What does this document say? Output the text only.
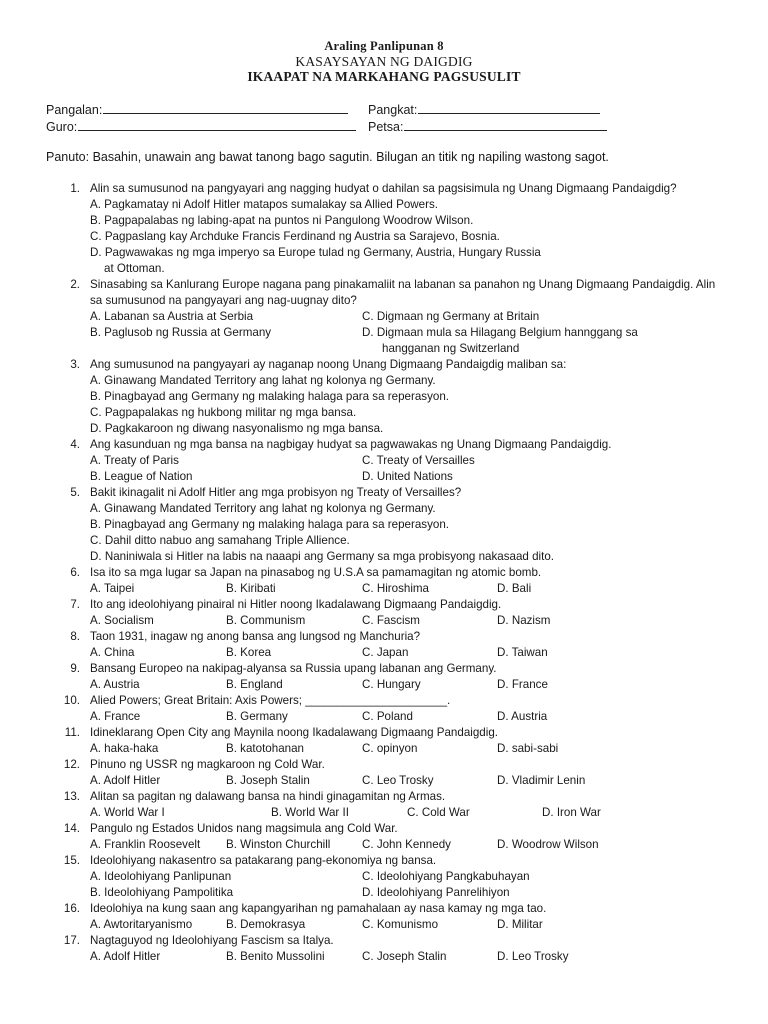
Araling Panlipunan 8
KASAYSAYAN NG DAIGDIG
IKAAPAT NA MARKAHANG PAGSUSULIT
Pangalan:	Pangkat:
Guro:	Petsa:
Panuto: Basahin, unawain ang bawat tanong bago sagutin. Bilugan an titik ng napiling wastong sagot.
1. Alin sa sumusunod na pangyayari ang nagging hudyat o dahilan sa pagsisimula ng Unang Digmaang Pandaigdig?
A. Pagkamatay ni Adolf Hitler matapos sumalakay sa Allied Powers.
B. Pagpapalabas ng labing-apat na puntos ni Pangulong Woodrow Wilson.
C. Pagpaslang kay Archduke Francis Ferdinand ng Austria sa Sarajevo, Bosnia.
D. Pagwawakas ng mga imperyo sa Europe tulad ng Germany, Austria, Hungary Russia
at Ottoman.
2. Sinasabing sa Kanlurang Europe nagana pang pinakamaliit na labanan sa panahon ng Unang Digmaang Pandaigdig. Alin sa sumusunod na pangyayari ang nag-uugnay dito?
A. Labanan sa Austria at Serbia	C. Digmaan ng Germany at Britain
B. Paglusob ng Russia at Germany	D. Digmaan mula sa Hilagang Belgium hannggang sa
hangganan ng Switzerland
3. Ang sumusunod na pangyayari ay naganap noong Unang Digmaang Pandaigdig maliban sa:
A. Ginawang Mandated Territory ang lahat ng kolonya ng Germany.
B. Pinagbayad ang Germany ng malaking halaga para sa reperasyon.
C. Pagpapalakas ng hukbong militar ng mga bansa.
D. Pagkakaroon ng diwang nasyonalismo ng mga bansa.
4. Ang kasunduan ng mga bansa na nagbigay hudyat sa pagwawakas ng Unang Digmaang Pandaigdig.
A. Treaty of Paris	C. Treaty of Versailles
B. League of Nation	D. United Nations
5. Bakit ikinagalit ni Adolf Hitler ang mga probisyon ng Treaty of Versailles?
A. Ginawang Mandated Territory ang lahat ng kolonya ng Germany.
B. Pinagbayad ang Germany ng malaking halaga para sa reperasyon.
C. Dahil ditto nabuo ang samahang Triple Allience.
D. Naniniwala si Hitler na labis na naaapi ang Germany sa mga probisyong nakasaad dito.
6. Isa ito sa mga lugar sa Japan na pinasabog ng U.S.A sa pamamagitan ng atomic bomb.
A. Taipei	B. Kiribati	C. Hiroshima	D. Bali
7. Ito ang ideolohiyang pinairal ni Hitler noong Ikadalawang Digmaang Pandaigdig.
A. Socialism	B. Communism	C. Fascism	D. Nazism
8. Taon 1931, inagaw ng anong bansa ang lungsod ng Manchuria?
A. China	B. Korea	C. Japan	D. Taiwan
9. Bansang Europeo na nakipag-alyansa sa Russia upang labanan ang Germany.
A. Austria	B. England	C. Hungary	D. France
10. Alied Powers; Great Britain: Axis Powers; ______________________.
A. France	B. Germany	C. Poland	D. Austria
11. Idineklarang Open City ang Maynila noong Ikadalawang Digmaang Pandaigdig.
A. haka-haka	B. katotohanan	C. opinyon	D. sabi-sabi
12. Pinuno ng USSR ng magkaroon ng Cold War.
A. Adolf Hitler	B. Joseph Stalin	C. Leo Trosky	D. Vladimir Lenin
13. Alitan sa pagitan ng dalawang bansa na hindi ginagamitan ng Armas.
A. World War I	B. World War II	C. Cold War	D. Iron War
14. Pangulo ng Estados Unidos nang magsimula ang Cold War.
A. Franklin Roosevelt B. Winston Churchill	C. John Kennedy	D. Woodrow Wilson
15. Ideolohiyang nakasentro sa patakarang pang-ekonomiya ng bansa.
A. Ideolohiyang Panlipunan	C. Ideolohiyang Pangkabuhayan
B. Ideolohiyang Pampolitika	D. Ideolohiyang Panrelihiyon
16. Ideolohiya na kung saan ang kapangyarihan ng pamahalaan ay nasa kamay ng mga tao.
A. Awtoritaryanismo	B. Demokrasya	C. Komunismo	D. Militar
17. Nagtaguyod ng Ideolohiyang Fascism sa Italya.
A. Adolf Hitler	B. Benito Mussolini	C. Joseph Stalin	D. Leo Trosky
